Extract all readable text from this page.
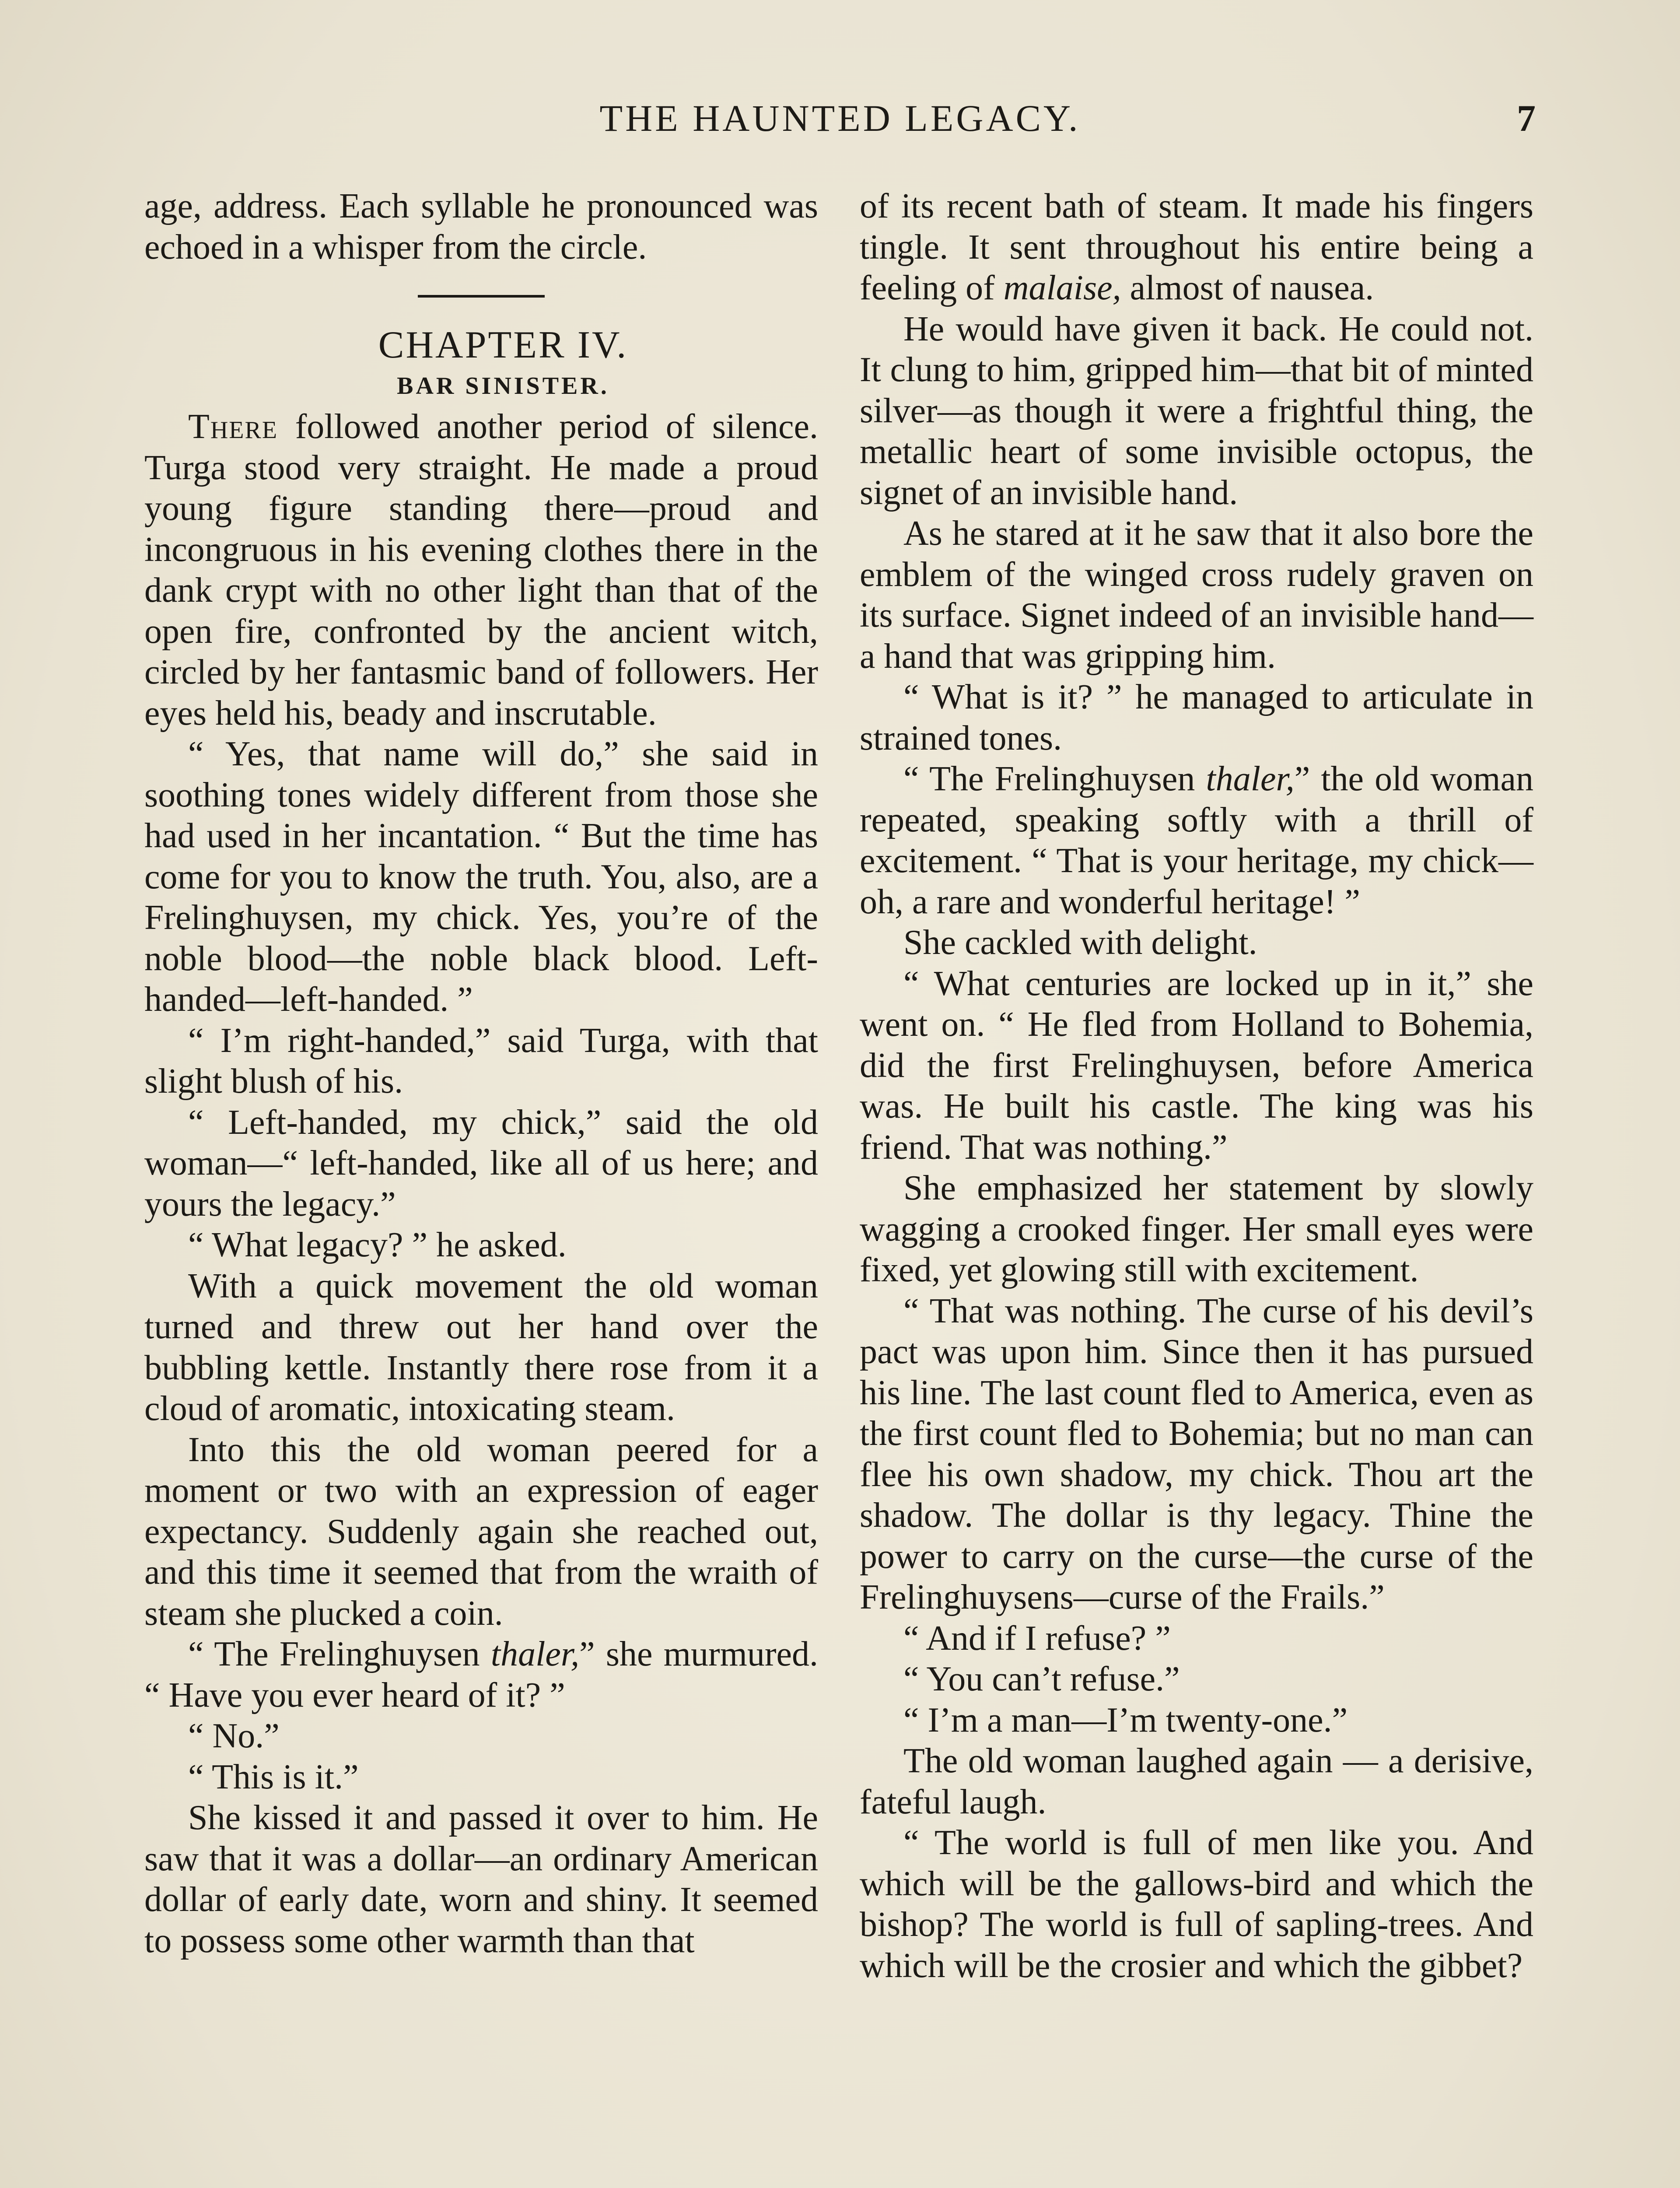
THE HAUNTED LEGACY.	7

age, address. Each syllable he pronounced was echoed in a whisper from the circle.

CHAPTER IV.

BAR SINISTER.

There followed another period of silence. Turga stood very straight. He made a proud young figure standing there—proud and incongruous in his evening clothes there in the dank crypt with no other light than that of the open fire, confronted by the ancient witch, circled by her fantasmic band of followers. Her eyes held his, beady and inscrutable.

“ Yes, that name will do,” she said in soothing tones widely different from those she had used in her incantation. “ But the time has come for you to know the truth. You, also, are a Frelinghuysen, my chick. Yes, you’re of the noble blood—the noble black blood. Left-handed—left-handed. ”

“ I’m right-handed,” said Turga, with that slight blush of his.

“ Left-handed, my chick,” said the old woman—“ left-handed, like all of us here; and yours the legacy.”

“ What legacy? ” he asked.

With a quick movement the old woman turned and threw out her hand over the bubbling kettle. Instantly there rose from it a cloud of aromatic, intoxicating steam.

Into this the old woman peered for a moment or two with an expression of eager expectancy. Suddenly again she reached out, and this time it seemed that from the wraith of steam she plucked a coin.

“ The Frelinghuysen thaler,” she murmured. “ Have you ever heard of it? ”

“ No.”

“ This is it.”

She kissed it and passed it over to him. He saw that it was a dollar—an ordinary American dollar of early date, worn and shiny. It seemed to possess some other warmth than that

of its recent bath of steam. It made his fingers tingle. It sent throughout his entire being a feeling of malaise, almost of nausea.

He would have given it back. He could not. It clung to him, gripped him—that bit of minted silver—as though it were a frightful thing, the metallic heart of some invisible octopus, the signet of an invisible hand.

As he stared at it he saw that it also bore the emblem of the winged cross rudely graven on its surface. Signet indeed of an invisible hand—a hand that was gripping him.

“ What is it? ” he managed to articulate in strained tones.

“ The Frelinghuysen thaler,” the old woman repeated, speaking softly with a thrill of excitement. “ That is your heritage, my chick—oh, a rare and wonderful heritage! ”

She cackled with delight.

“ What centuries are locked up in it,” she went on. “ He fled from Holland to Bohemia, did the first Frelinghuysen, before America was. He built his castle. The king was his friend. That was nothing.”

She emphasized her statement by slowly wagging a crooked finger. Her small eyes were fixed, yet glowing still with excitement.

“ That was nothing. The curse of his devil’s pact was upon him. Since then it has pursued his line. The last count fled to America, even as the first count fled to Bohemia; but no man can flee his own shadow, my chick. Thou art the shadow. The dollar is thy legacy. Thine the power to carry on the curse—the curse of the Frelinghuysens—curse of the Frails.”

“ And if I refuse? ”

“ You can’t refuse.”

“ I’m a man—I’m twenty-one.”

The old woman laughed again — a derisive, fateful laugh.

“ The world is full of men like you. And which will be the gallows-bird and which the bishop? The world is full of sapling-trees. And which will be the crosier and which the gibbet?
